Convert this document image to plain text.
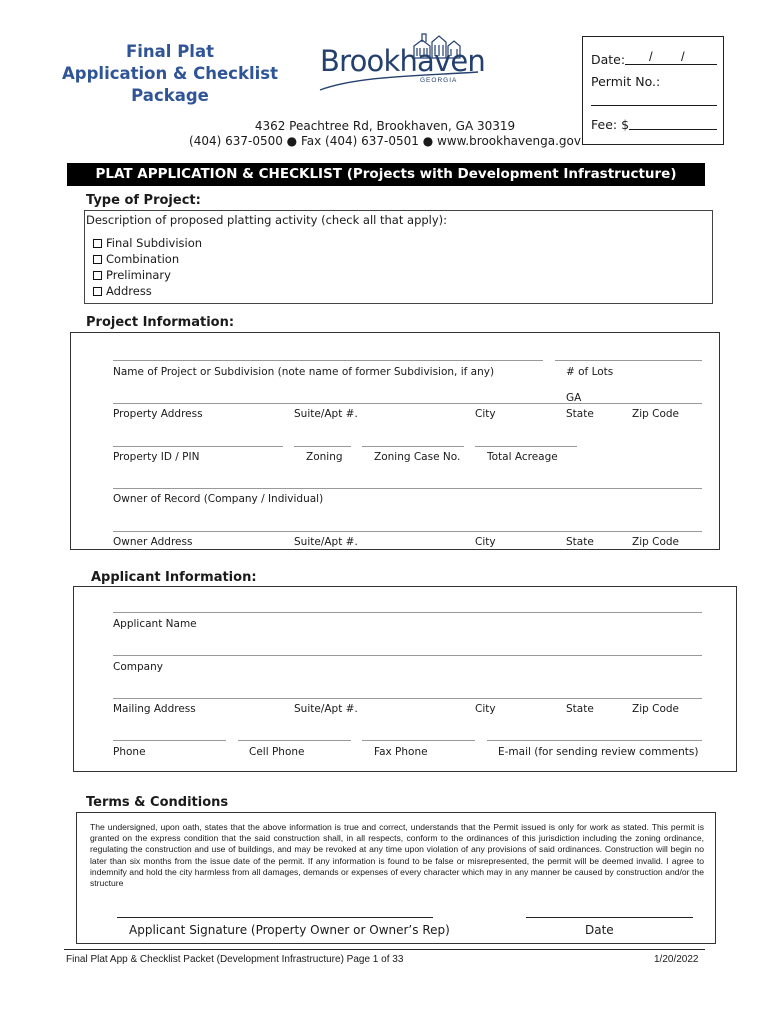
Final Plat
Application & Checklist
Package
Brookhaven
GEORGIA
Date: / /
Permit No.:
Fee: $
4362 Peachtree Rd, Brookhaven, GA 30319
(404) 637-0500 ● Fax (404) 637-0501 ● www.brookhavenga.gov
PLAT APPLICATION & CHECKLIST (Projects with Development Infrastructure)
Type of Project:
Description of proposed platting activity (check all that apply):
Final Subdivision
Combination
Preliminary
Address
Project Information:
Name of Project or Subdivision (note name of former Subdivision, if any)	# of Lots
GA
Property Address	Suite/Apt #.	City	State	Zip Code
Property ID / PIN	Zoning	Zoning Case No.	Total Acreage
Owner of Record (Company / Individual)
Owner Address	Suite/Apt #.	City	State	Zip Code
Applicant Information:
Applicant Name
Company
Mailing Address	Suite/Apt #.	City	State	Zip Code
Phone	Cell Phone	Fax Phone	E-mail (for sending review comments)
Terms & Conditions
The undersigned, upon oath, states that the above information is true and correct, understands that the Permit issued is only for work as stated. This permit is granted on the express condition that the said construction shall, in all respects, conform to the ordinances of this jurisdiction including the zoning ordinance, regulating the construction and use of buildings, and may be revoked at any time upon violation of any provisions of said ordinances. Construction will begin no later than six months from the issue date of the permit. If any information is found to be false or misrepresented, the permit will be deemed invalid. I agree to indemnify and hold the city harmless from all damages, demands or expenses of every character which may in any manner be caused by construction and/or the structure
Applicant Signature (Property Owner or Owner’s Rep)	Date
Final Plat App & Checklist Packet (Development Infrastructure) Page 1 of 33	1/20/2022
